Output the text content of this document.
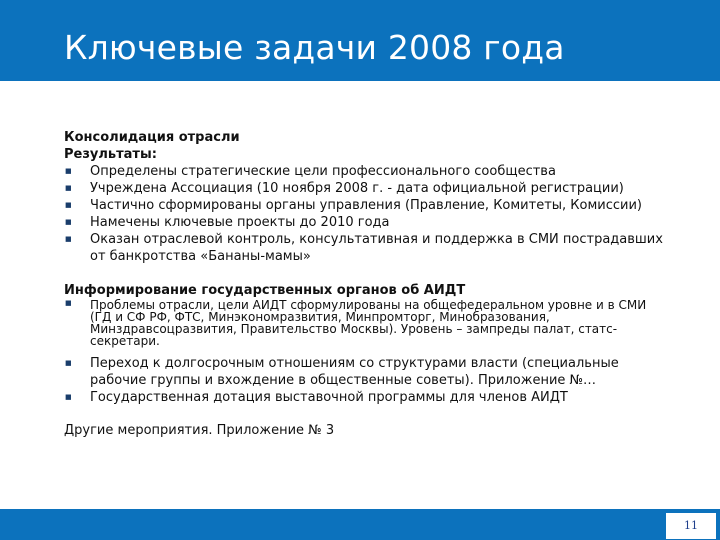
Ключевые задачи 2008 года
Консолидация отрасли
Результаты:
■ Определены стратегические цели профессионального сообщества
■ Учреждена Ассоциация (10 ноября 2008 г. - дата официальной регистрации)
■ Частично сформированы органы управления (Правление, Комитеты, Комиссии)
■ Намечены ключевые проекты до 2010 года
■ Оказан отраслевой контроль, консультативная и поддержка в СМИ пострадавших от банкротства «Бананы-мамы»
Информирование государственных органов об АИДТ
■ Проблемы отрасли, цели АИДТ сформулированы на общефедеральном уровне и в СМИ (ГД и СФ РФ, ФТС, Минэкономразвития, Минпромторг, Минобразования, Минздравсоцразвития, Правительство Москвы). Уровень – зампреды палат, статс-секретари.
■ Переход к долгосрочным отношениям со структурами власти (специальные рабочие группы и вхождение в общественные советы). Приложение №…
■ Государственная дотация выставочной программы для членов АИДТ
Другие мероприятия. Приложение № 3
11
